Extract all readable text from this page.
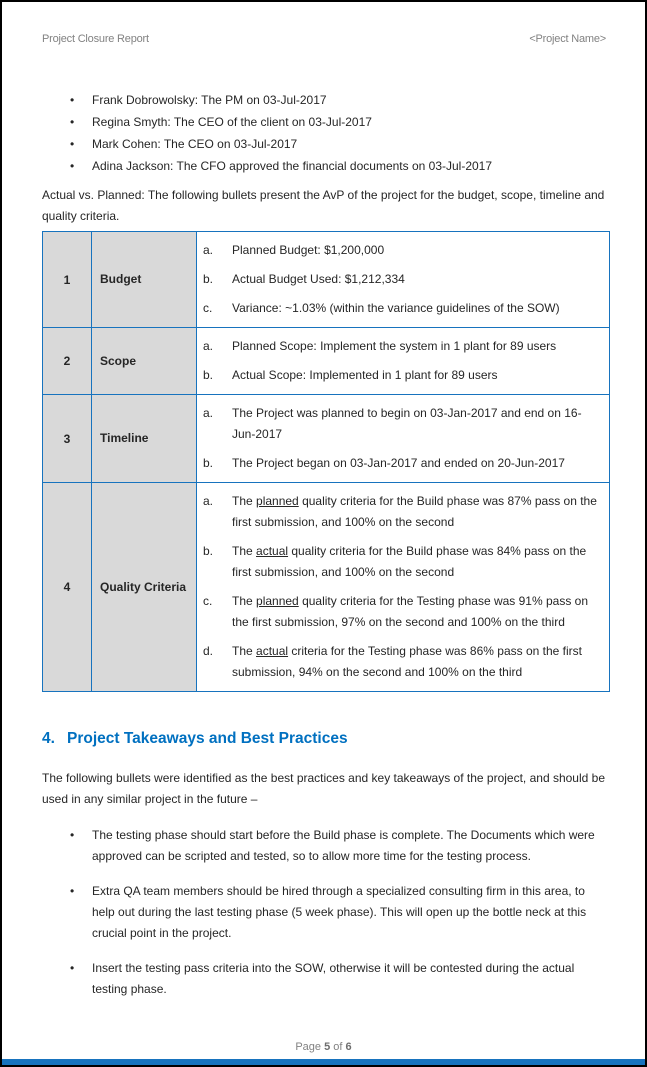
Project Closure Report	<Project Name>
•	Frank Dobrowolsky: The PM on 03-Jul-2017
•	Regina Smyth: The CEO of the client on 03-Jul-2017
•	Mark Cohen: The CEO on 03-Jul-2017
•	Adina Jackson: The CFO approved the financial documents on 03-Jul-2017
Actual vs. Planned: The following bullets present the AvP of the project for the budget, scope, timeline and quality criteria.
1	Budget	
a.	Planned Budget: $1,200,000
b.	Actual Budget Used: $1,212,334
c.	Variance: ~1.03% (within the variance guidelines of the SOW)

2	Scope	a. Planned Scope: Implement the system in 1 plant for 89 users
b. Actual Scope: Implemented in 1 plant for 89 users

3	Timeline	a. The Project was planned to begin on 03-Jan-2017 and end on 16-Jun-2017
b. The Project began on 03-Jan-2017 and ended on 20-Jun-2017

4	Quality Criteria	
a.	The planned quality criteria for the Build phase was 87% pass on the first submission, and 100% on the second
b.	The actual quality criteria for the Build phase was 84% pass on the first submission, and 100% on the second
c.	The planned quality criteria for the Testing phase was 91% pass on the first submission, 97% on the second and 100% on the third
d.	The actual criteria for the Testing phase was 86% pass on the first submission, 94% on the second and 100% on the third
4. Project Takeaways and Best Practices
The following bullets were identified as the best practices and key takeaways of the project, and should be used in any similar project in the future –
•	The testing phase should start before the Build phase is complete. The Documents which were approved can be scripted and tested, so to allow more time for the testing process.
•	Extra QA team members should be hired through a specialized consulting firm in this area, to help out during the last testing phase (5 week phase). This will open up the bottle neck at this crucial point in the project.
•	Insert the testing pass criteria into the SOW, otherwise it will be contested during the actual testing phase.
Page 5 of 6
